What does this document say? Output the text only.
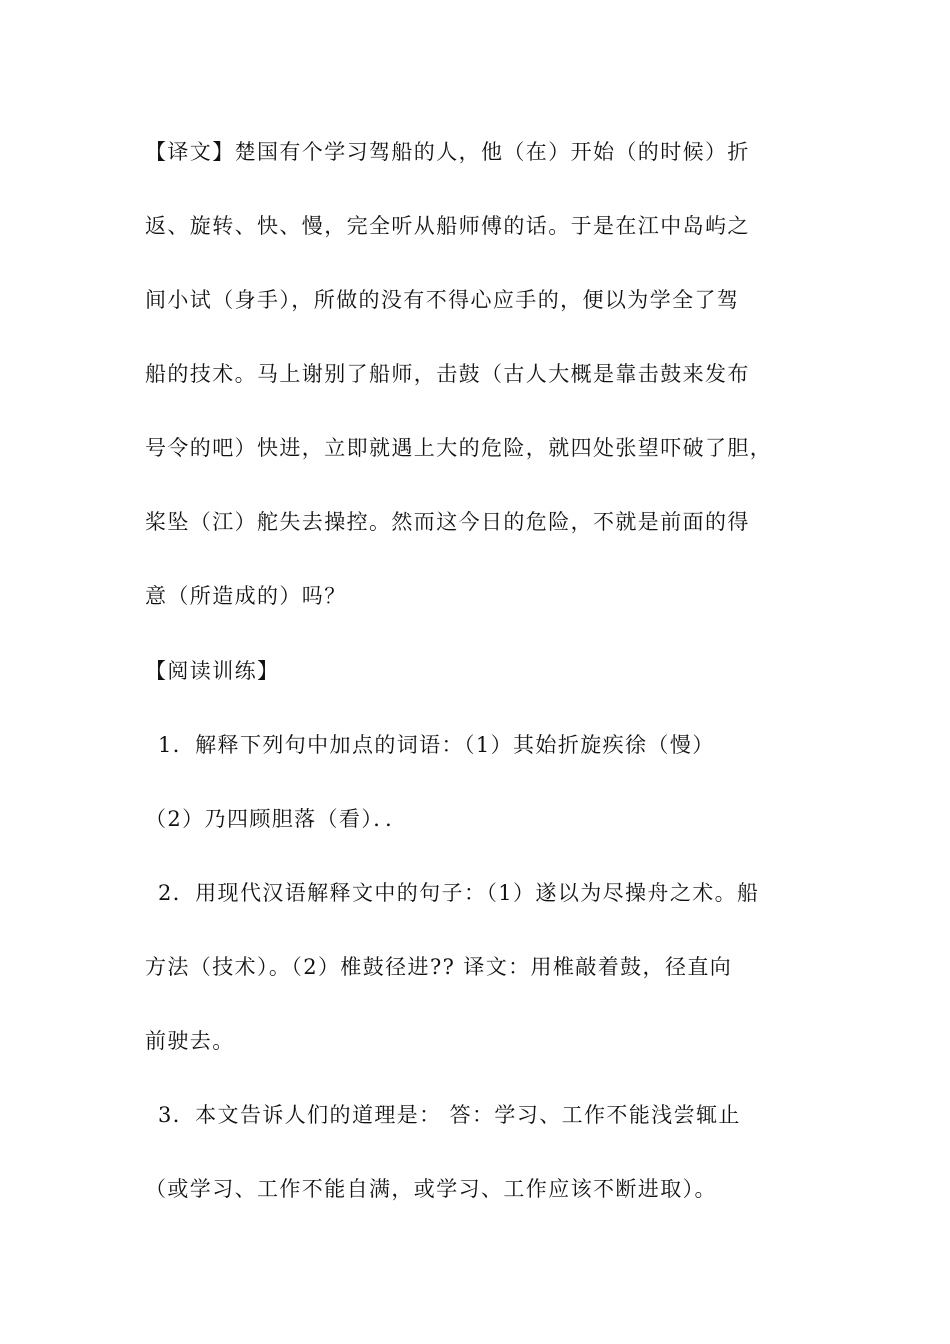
【译文】楚国有个学习驾船的人，他（在）开始（的时候）折

返、旋转、快、慢，完全听从船师傅的话。于是在江中岛屿之

间小试（身手），所做的没有不得心应手的，便以为学全了驾

船的技术。马上谢别了船师，击鼓（古人大概是靠击鼓来发布

号令的吧）快进，立即就遇上大的危险，就四处张望吓破了胆，

桨坠（江）舵失去操控。然而这今日的危险，不就是前面的得

意（所造成的）吗？

【阅读训练】

1．解释下列句中加点的词语：（1）其始折旋疾徐（慢）

（2）乃四顾胆落（看）．．

2．用现代汉语解释文中的句子：（1）遂以为尽操舟之术。船

方法（技术）。（2）椎鼓径进?? 译文：用椎敲着鼓，径直向

前驶去。

3．本文告诉人们的道理是： 答：学习、工作不能浅尝辄止

（或学习、工作不能自满，或学习、工作应该不断进取）。
